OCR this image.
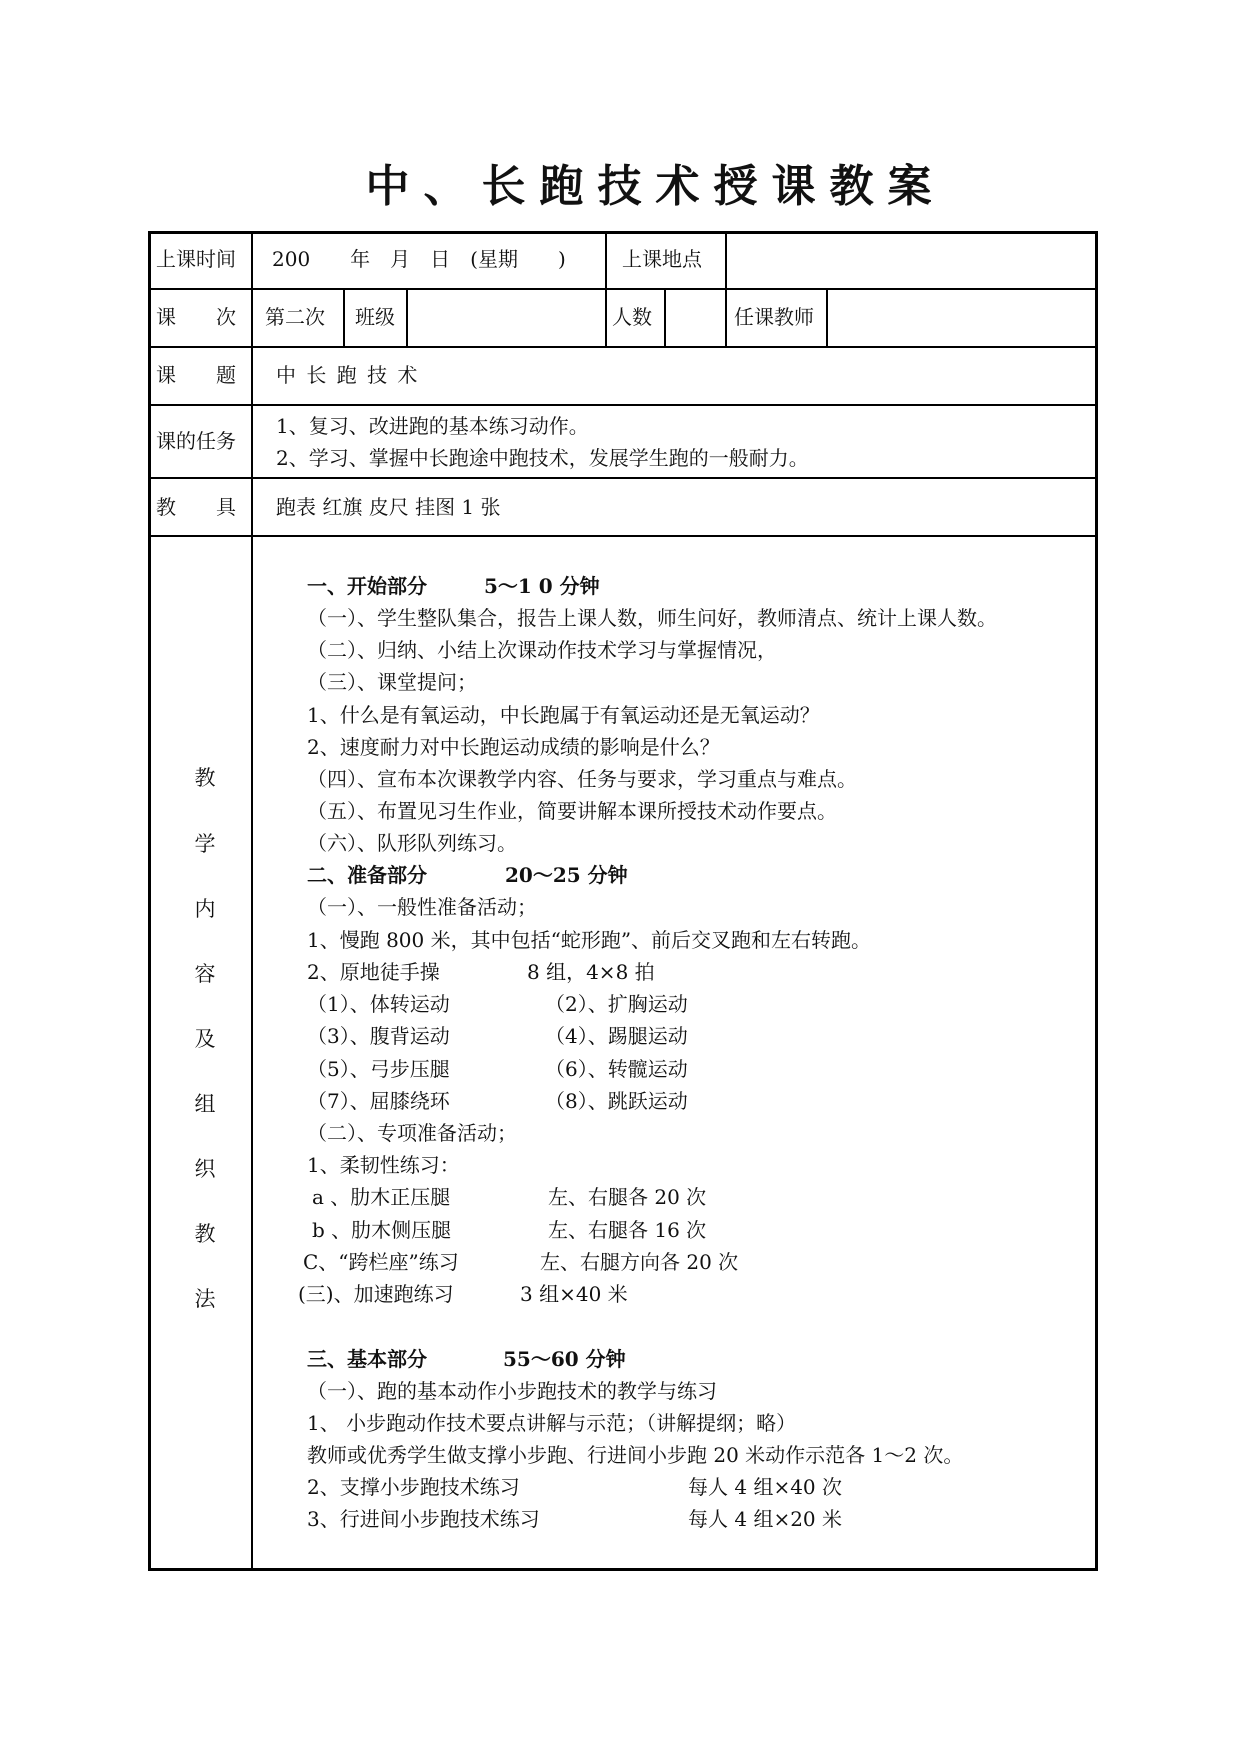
中、长跑技术授课教案
上课时间 200　　年　月　日　(星期　　)	上课地点
课　　次 第二次 班级	人数	任课教师
课　　题 中 长 跑 技 术
课的任务
1、复习、改进跑的基本练习动作。
2、学习、掌握中长跑途中跑技术，发展学生跑的一般耐力。
教　　具 跑表 红旗 皮尺 挂图 1 张
教
学
内
容
及
组
织
教
法
一、开始部分	5～1 0 分钟
（一）、学生整队集合，报告上课人数，师生问好，教师清点、统计上课人数。
（二）、归纳、小结上次课动作技术学习与掌握情况，
（三）、课堂提问；
1、什么是有氧运动，中长跑属于有氧运动还是无氧运动？
2、速度耐力对中长跑运动成绩的影响是什么？
（四）、宣布本次课教学内容、任务与要求，学习重点与难点。
（五）、布置见习生作业，简要讲解本课所授技术动作要点。
（六）、队形队列练习。
二、准备部分	20～25 分钟
（一）、一般性准备活动；
1、慢跑 800 米，其中包括“蛇形跑”、前后交叉跑和左右转跑。
2、原地徒手操	8 组，4×8 拍
（1）、体转运动	（2）、扩胸运动
（3）、腹背运动	（4）、踢腿运动
（5）、弓步压腿	（6）、转髋运动
（7）、屈膝绕环	（8）、跳跃运动
（二）、专项准备活动；
1、柔韧性练习：
a 、肋木正压腿	左、右腿各 20 次
b 、肋木侧压腿	左、右腿各 16 次
C、“跨栏座”练习	左、右腿方向各 20 次
(三)、加速跑练习	3 组×40 米
三、基本部分	55～60 分钟
（一）、跑的基本动作小步跑技术的教学与练习
1、 小步跑动作技术要点讲解与示范；（讲解提纲；略）
教师或优秀学生做支撑小步跑、行进间小步跑 20 米动作示范各 1～2 次。
2、支撑小步跑技术练习	每人 4 组×40 次
3、行进间小步跑技术练习	每人 4 组×20 米
